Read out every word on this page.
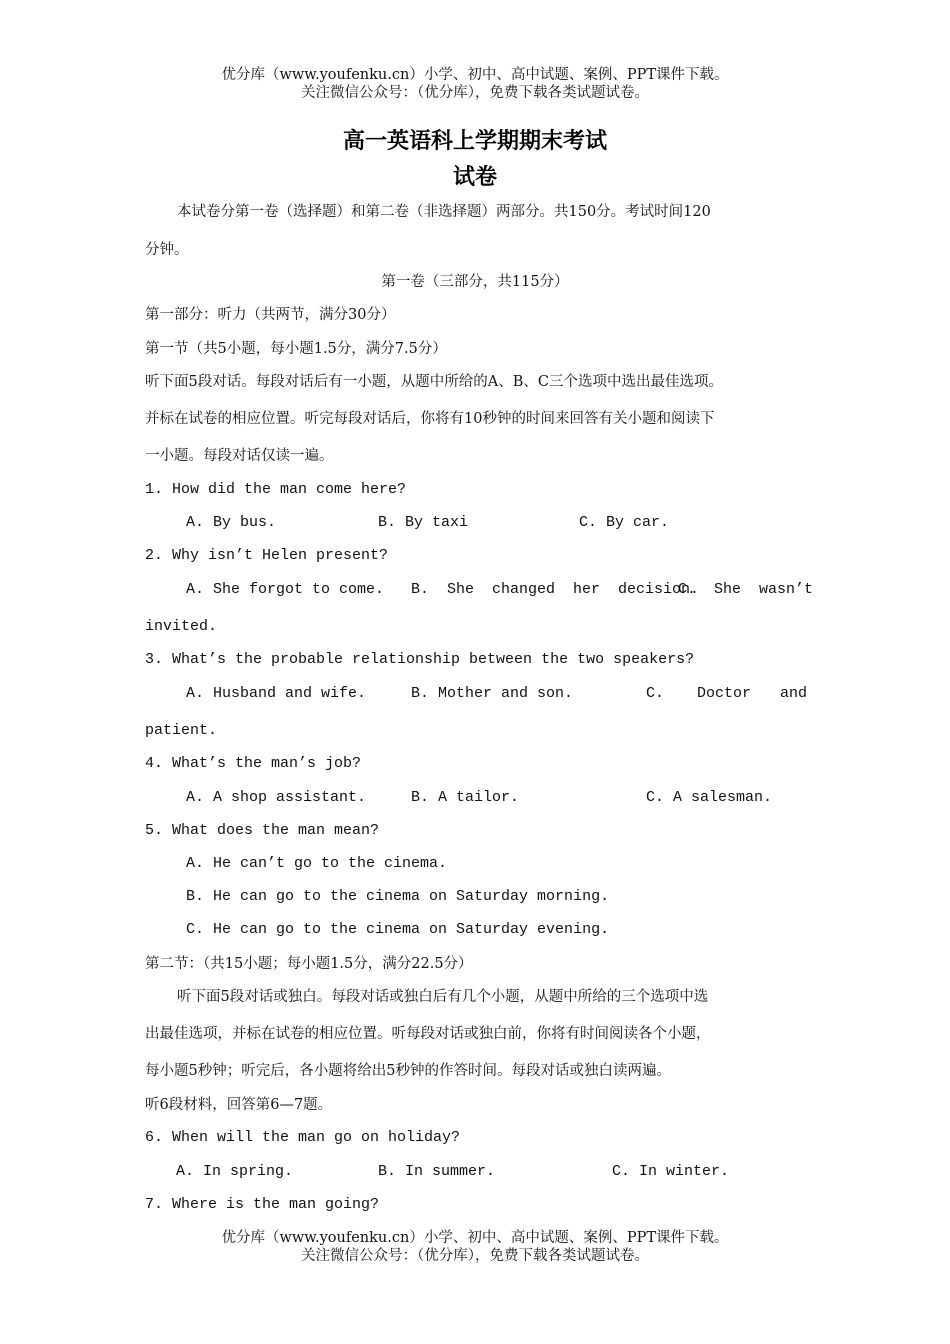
优分库（www.youfenku.cn）小学、初中、高中试题、案例、PPT课件下载。
关注微信公众号：（优分库），免费下载各类试题试卷。
高一英语科上学期期末考试
试卷
本试卷分第一卷（选择题）和第二卷（非选择题）两部分。共150分。考试时间120
分钟。
第一卷（三部分，共115分）
第一部分：听力（共两节，满分30分）
第一节（共5小题，每小题1.5分，满分7.5分）
听下面5段对话。每段对话后有一小题，从题中所给的A、B、C三个选项中选出最佳选项。
并标在试卷的相应位置。听完每段对话后，你将有10秒钟的时间来回答有关小题和阅读下
一小题。每段对话仅读一遍。
1. How did the man come here?
A. By bus.	B. By taxi	C. By car.
2. Why isn’t Helen present?
A. She forgot to come. B.  She  changed  her  decision.
C.  She  wasn’t
invited.
3. What’s the probable relationship between the two speakers?
A. Husband and wife.	B. Mother and son.	C. Doctor and
patient.
4. What’s the man’s job?
A. A shop assistant.	B. A tailor.	C. A salesman.
5. What does the man mean?
A. He can’t go to the cinema.
B. He can go to the cinema on Saturday morning.
C. He can go to the cinema on Saturday evening.
第二节：（共15小题；每小题1.5分，满分22.5分）
听下面5段对话或独白。每段对话或独白后有几个小题，从题中所给的三个选项中选
出最佳选项，并标在试卷的相应位置。听每段对话或独白前，你将有时间阅读各个小题，
每小题5秒钟；听完后，各小题将给出5秒钟的作答时间。每段对话或独白读两遍。
听6段材料，回答第6—7题。
6. When will the man go on holiday?
A. In spring.	B. In summer.	C. In winter.
7. Where is the man going?
优分库（www.youfenku.cn）小学、初中、高中试题、案例、PPT课件下载。
关注微信公众号：（优分库），免费下载各类试题试卷。
